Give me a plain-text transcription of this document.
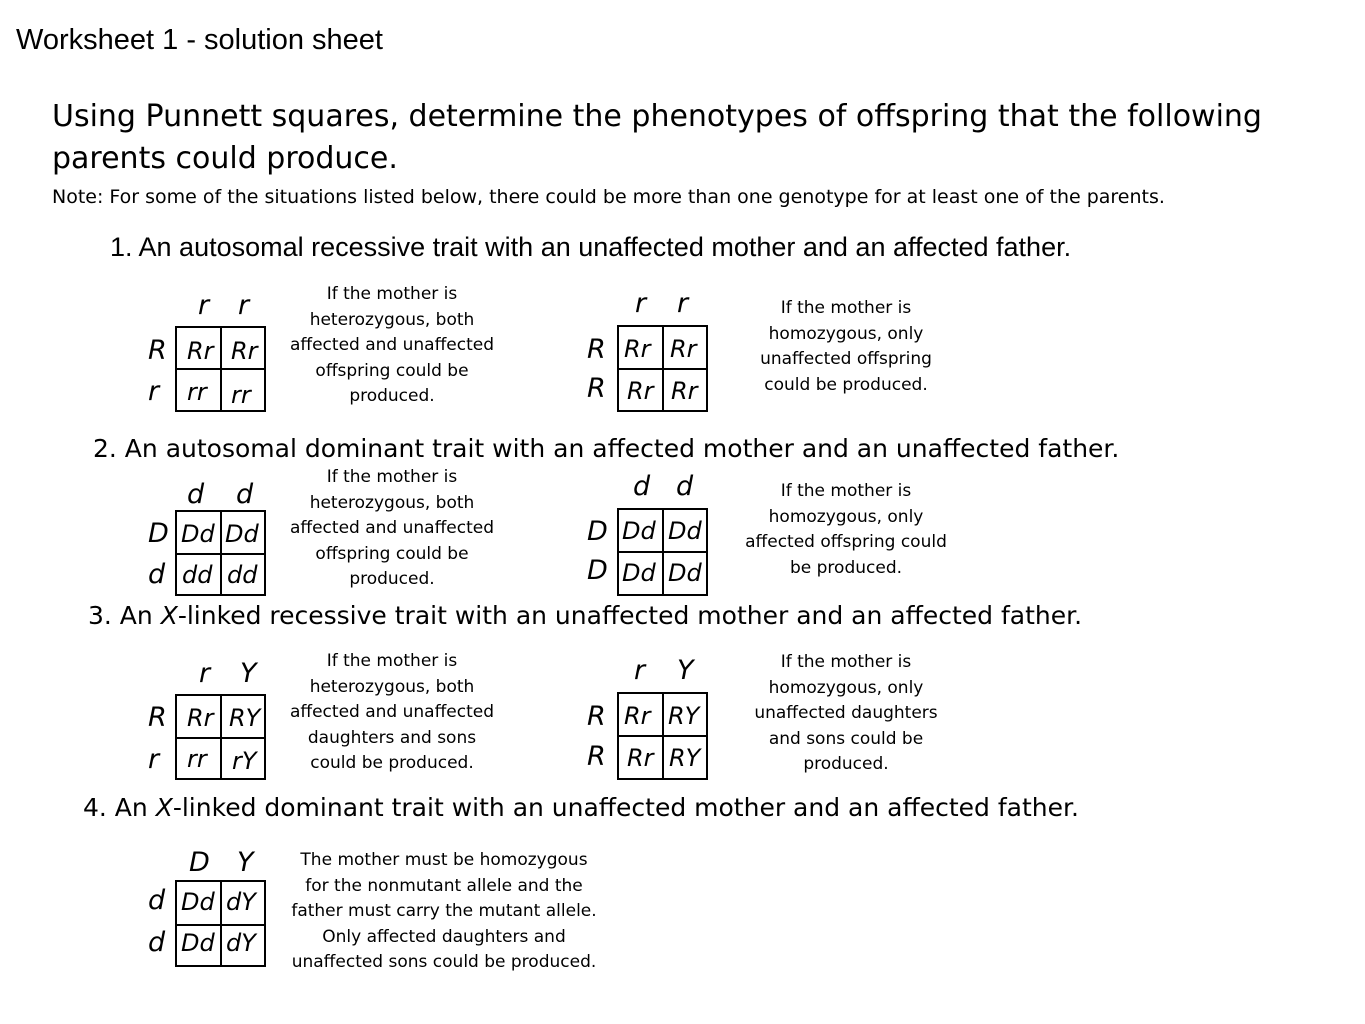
Worksheet 1 - solution sheet
Using Punnett squares, determine the phenotypes of offspring that the following parents could produce.
Note: For some of the situations listed below, there could be more than one genotype for at least one of the parents.
1. An autosomal recessive trait with an unaffected mother and an affected father.
2. An autosomal dominant trait with an affected mother and an unaffected father.
3. An X-linked recessive trait with an unaffected mother and an affected father.
4. An X-linked dominant trait with an unaffected mother and an affected father.
r r
R
r
Rr Rr
rr rr
If the mother is
heterozygous, both
affected and unaffected
offspring could be
produced.
r r
R
R
Rr Rr
Rr Rr
If the mother is
homozygous, only
unaffected offspring
could be produced.
d d
D
d
Dd Dd
dd dd
If the mother is
heterozygous, both
affected and unaffected
offspring could be
produced.
d d
D
D
Dd Dd
Dd Dd
If the mother is
homozygous, only
affected offspring could
be produced.
r Y
R
r
Rr RY
rr rY
If the mother is
heterozygous, both
affected and unaffected
daughters and sons
could be produced.
r Y
R
R
Rr RY
Rr RY
If the mother is
homozygous, only
unaffected daughters
and sons could be
produced.
D Y
d
d
Dd dY
Dd dY
The mother must be homozygous
for the nonmutant allele and the
father must carry the mutant allele.
Only affected daughters and
unaffected sons could be produced.
